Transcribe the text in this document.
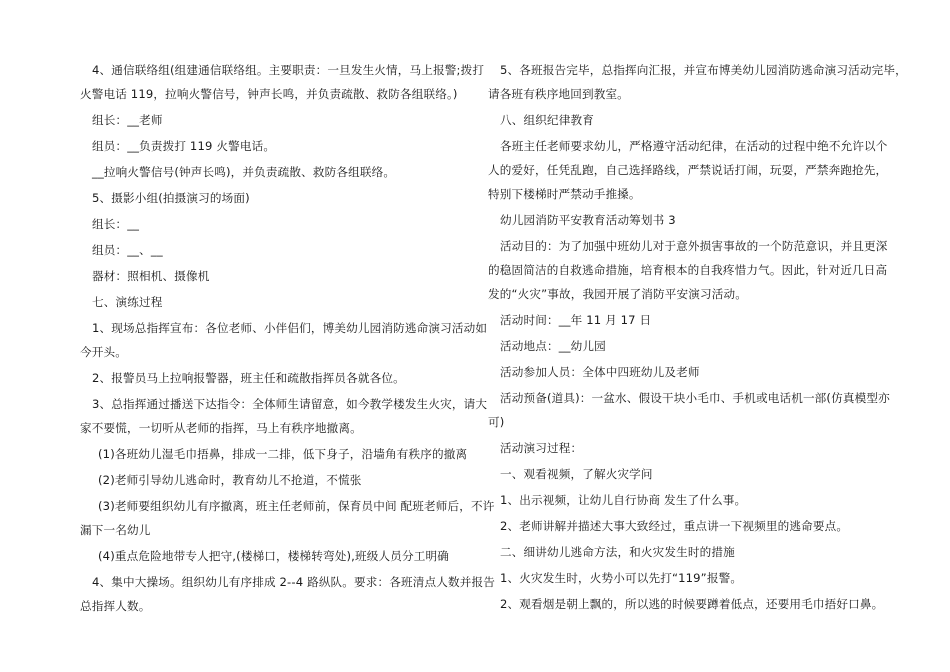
4、通信联络组(组建通信联络组。主要职责：一旦发生火情，马上报警;拨打
火警电话 119，拉响火警信号，钟声长鸣，并负责疏散、救防各组联络。)
组长：__老师
组员：__负责拨打 119 火警电话。
__拉响火警信号(钟声长鸣)，并负责疏散、救防各组联络。
5、摄影小组(拍摄演习的场面)
组长：__
组员：__、__
器材：照相机、摄像机
七、演练过程
1、现场总指挥宣布：各位老师、小伴侣们，博美幼儿园消防逃命演习活动如
今开头。
2、报警员马上拉响报警器，班主任和疏散指挥员各就各位。
3、总指挥通过播送下达指令：全体师生请留意，如今教学楼发生火灾，请大
家不要慌，一切听从老师的指挥，马上有秩序地撤离。
(1)各班幼儿湿毛巾捂鼻，排成一二排，低下身子，沿墙角有秩序的撤离
(2)老师引导幼儿逃命时，教育幼儿不抢道，不慌张
(3)老师要组织幼儿有序撤离，班主任老师前，保育员中间 配班老师后，不许
漏下一名幼儿
(4)重点危险地带专人把守,(楼梯口，楼梯转弯处),班级人员分工明确
4、集中大操场。组织幼儿有序排成 2--4 路纵队。要求：各班清点人数并报告
总指挥人数。
5、各班报告完毕，总指挥向汇报，并宣布博美幼儿园消防逃命演习活动完毕，
请各班有秩序地回到教室。
八、组织纪律教育
各班主任老师要求幼儿，严格遵守活动纪律，在活动的过程中绝不允许以个
人的爱好，任凭乱跑，自己选择路线，严禁说话打闹，玩耍，严禁奔跑抢先，
特别下楼梯时严禁动手推搡。
幼儿园消防平安教育活动筹划书 3
活动目的：为了加强中班幼儿对于意外损害事故的一个防范意识，并且更深
的稳固简洁的自救逃命措施，培育根本的自我疼惜力气。因此，针对近几日高
发的“火灾”事故，我园开展了消防平安演习活动。
活动时间：__年 11 月 17 日
活动地点：__幼儿园
活动参加人员：全体中四班幼儿及老师
活动预备(道具)：一盆水、假设干块小毛巾、手机或电话机一部(仿真模型亦
可)
活动演习过程：
一、观看视频，了解火灾学问
1、出示视频，让幼儿自行协商 发生了什么事。
2、老师讲解并描述大事大致经过，重点讲一下视频里的逃命要点。
二、细讲幼儿逃命方法，和火灾发生时的措施
1、火灾发生时，火势小可以先打“119”报警。
2、观看烟是朝上飘的，所以逃的时候要蹲着低点，还要用毛巾捂好口鼻。
